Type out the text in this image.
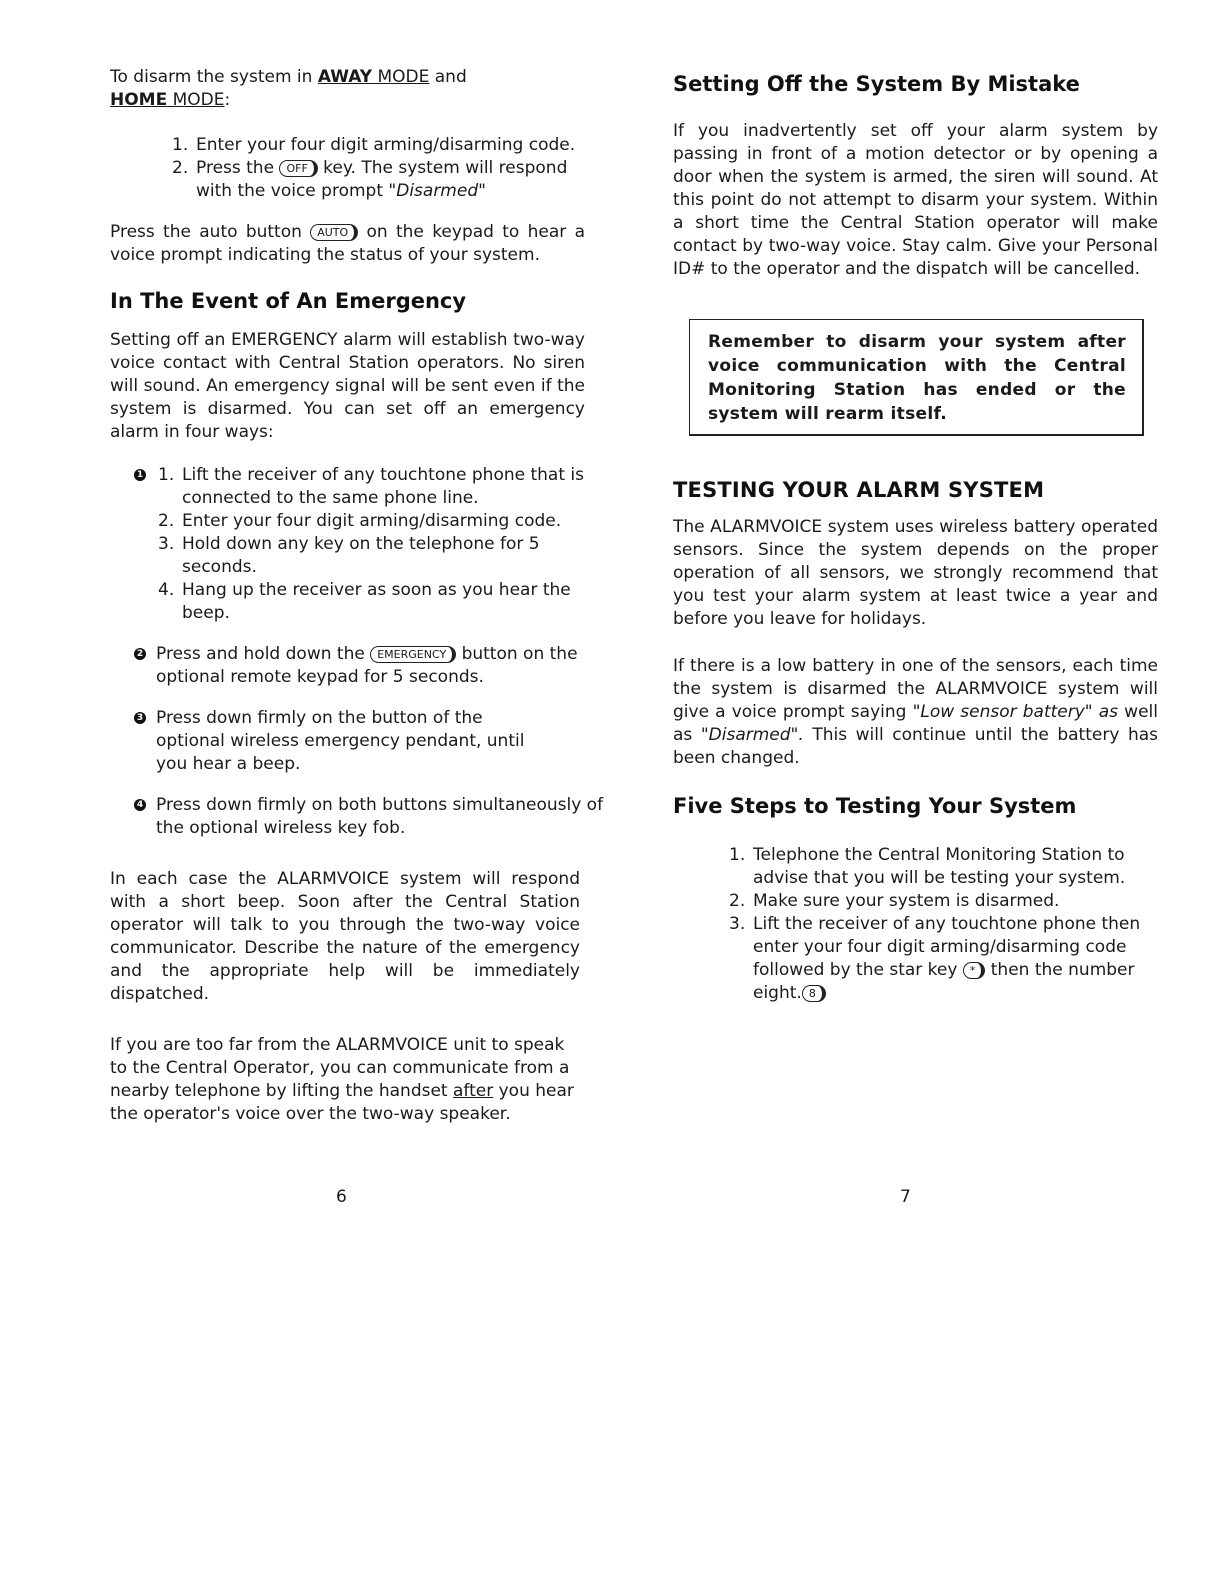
To disarm the system in AWAY MODE and
HOME MODE:

1. Enter your four digit arming/disarming code.
2. Press the OFF key. The system will respond with the voice prompt "Disarmed"

Press the auto button AUTO on the keypad to hear a voice prompt indicating the status of your system.

In The Event of An Emergency

Setting off an EMERGENCY alarm will establish two-way voice contact with Central Station operators. No siren will sound. An emergency signal will be sent even if the system is disarmed. You can set off an emergency alarm in four ways:

1 1. Lift the receiver of any touchtone phone that is connected to the same phone line.
2. Enter your four digit arming/disarming code.
3. Hold down any key on the telephone for 5 seconds.
4. Hang up the receiver as soon as you hear the beep.
2 Press and hold down the EMERGENCY button on the optional remote keypad for 5 seconds.
3 Press down firmly on the button of the optional wireless emergency pendant, until you hear a beep.
4 Press down firmly on both buttons simultaneously of the optional wireless key fob.

In each case the ALARMVOICE system will respond with a short beep. Soon after the Central Station operator will talk to you through the two-way voice communicator. Describe the nature of the emergency and the appropriate help will be immediately dispatched.

If you are too far from the ALARMVOICE unit to speak to the Central Operator, you can communicate from a nearby telephone by lifting the handset after you hear the operator's voice over the two-way speaker.

6
Setting Off the System By Mistake

If you inadvertently set off your alarm system by passing in front of a motion detector or by opening a door when the system is armed, the siren will sound. At this point do not attempt to disarm your system. Within a short time the Central Station operator will make contact by two-way voice. Stay calm. Give your Personal ID# to the operator and the dispatch will be cancelled.

Remember to disarm your system after voice communication with the Central Monitoring Station has ended or the system will rearm itself.
TESTING YOUR ALARM SYSTEM

The ALARMVOICE system uses wireless battery operated sensors. Since the system depends on the proper operation of all sensors, we strongly recommend that you test your alarm system at least twice a year and before you leave for holidays.

If there is a low battery in one of the sensors, each time the system is disarmed the ALARMVOICE system will give a voice prompt saying "Low sensor battery" as well as "Disarmed". This will continue until the battery has been changed.

Five Steps to Testing Your System
1. Telephone the Central Monitoring Station to advise that you will be testing your system.
2. Make sure your system is disarmed.
3. Lift the receiver of any touchtone phone then enter your four digit arming/disarming code followed by the star key * then the number eight. 8
7
